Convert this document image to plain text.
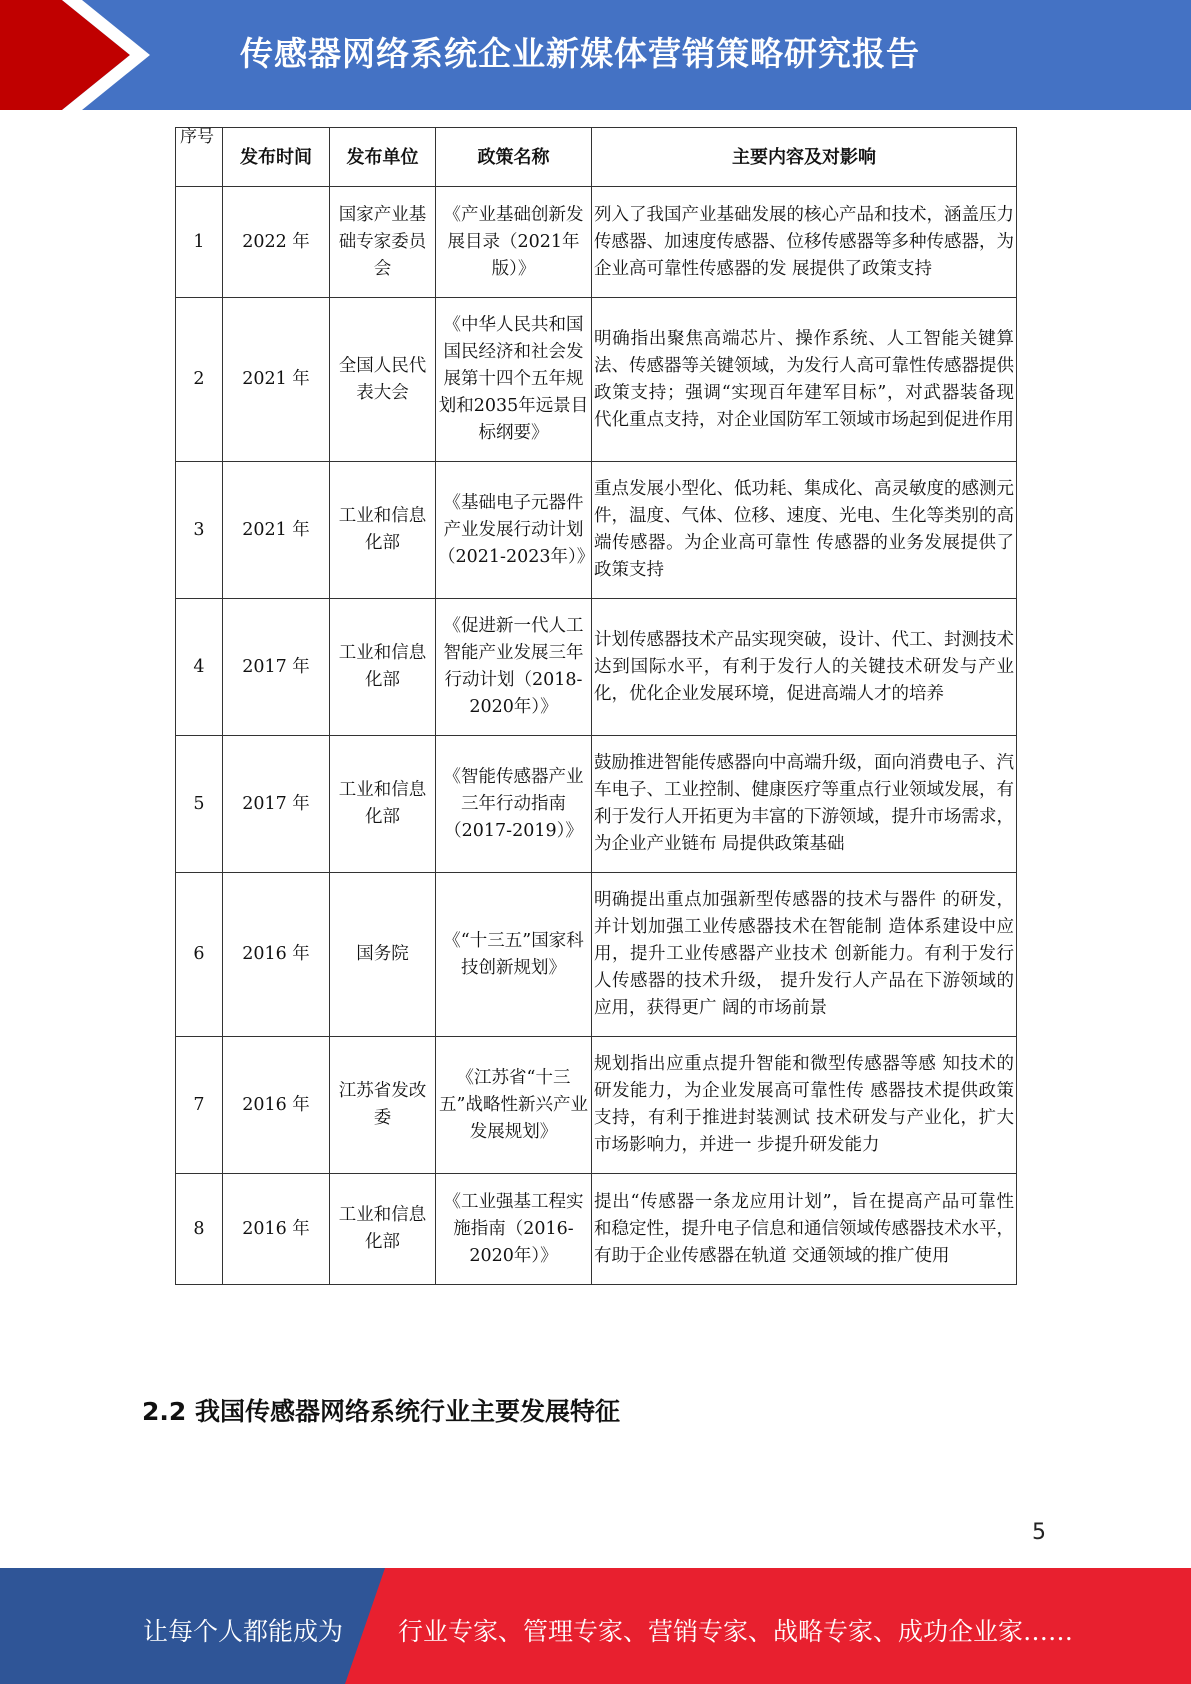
传感器网络系统企业新媒体营销策略研究报告
序号	发布时间	发布单位	政策名称	主要内容及对影响
1	2022 年	国家产业基础专家委员会	《产业基础创新发展目录（2021年版）》	列入了我国产业基础发展的核心产品和技术，涵盖压力传感器、加速度传感器、位移传感器等多种传感器，为企业高可靠性传感器的发 展提供了政策支持
2	2021 年	全国人民代表大会	《中华人民共和国国民经济和社会发展第十四个五年规划和2035年远景目标纲要》	明确指出聚焦高端芯片、操作系统、人工智能关键算法、传感器等关键领域，为发行人高可靠性传感器提供政策支持；强调“实现百年建军目标”，对武器装备现代化重点支持，对企业国防军工领域市场起到促进作用
3	2021 年	工业和信息化部	《基础电子元器件产业发展行动计划（2021-2023年）》	重点发展小型化、低功耗、集成化、高灵敏度的感测元件，温度、气体、位移、速度、光电、生化等类别的高端传感器。为企业高可靠性 传感器的业务发展提供了政策支持
4	2017 年	工业和信息化部	《促进新一代人工智能产业发展三年行动计划（2018-2020年）》	计划传感器技术产品实现突破，设计、代工、封测技术达到国际水平，有利于发行人的关键技术研发与产业化，优化企业发展环境，促进高端人才的培养
5	2017 年	工业和信息化部	《智能传感器产业三年行动指南（2017-2019）》	鼓励推进智能传感器向中高端升级，面向消费电子、汽车电子、工业控制、健康医疗等重点行业领域发展，有利于发行人开拓更为丰富的下游领域，提升市场需求，为企业产业链布 局提供政策基础
6	2016 年	国务院	《“十三五”国家科技创新规划》	明确提出重点加强新型传感器的技术与器件 的研发，并计划加强工业传感器技术在智能制 造体系建设中应用，提升工业传感器产业技术 创新能力。有利于发行人传感器的技术升级， 提升发行人产品在下游领域的应用，获得更广 阔的市场前景
7	2016 年	江苏省发改委	《江苏省“十三五”战略性新兴产业发展规划》	规划指出应重点提升智能和微型传感器等感 知技术的研发能力，为企业发展高可靠性传 感器技术提供政策支持，有利于推进封装测试 技术研发与产业化，扩大市场影响力，并进一 步提升研发能力
8	2016 年	工业和信息化部	《工业强基工程实施指南（2016-2020年）》	提出“传感器一条龙应用计划”，旨在提高产品可靠性和稳定性，提升电子信息和通信领域传感器技术水平，有助于企业传感器在轨道 交通领域的推广使用
2.2 我国传感器网络系统行业主要发展特征
5
让每个人都能成为 行业专家、管理专家、营销专家、战略专家、成功企业家……
